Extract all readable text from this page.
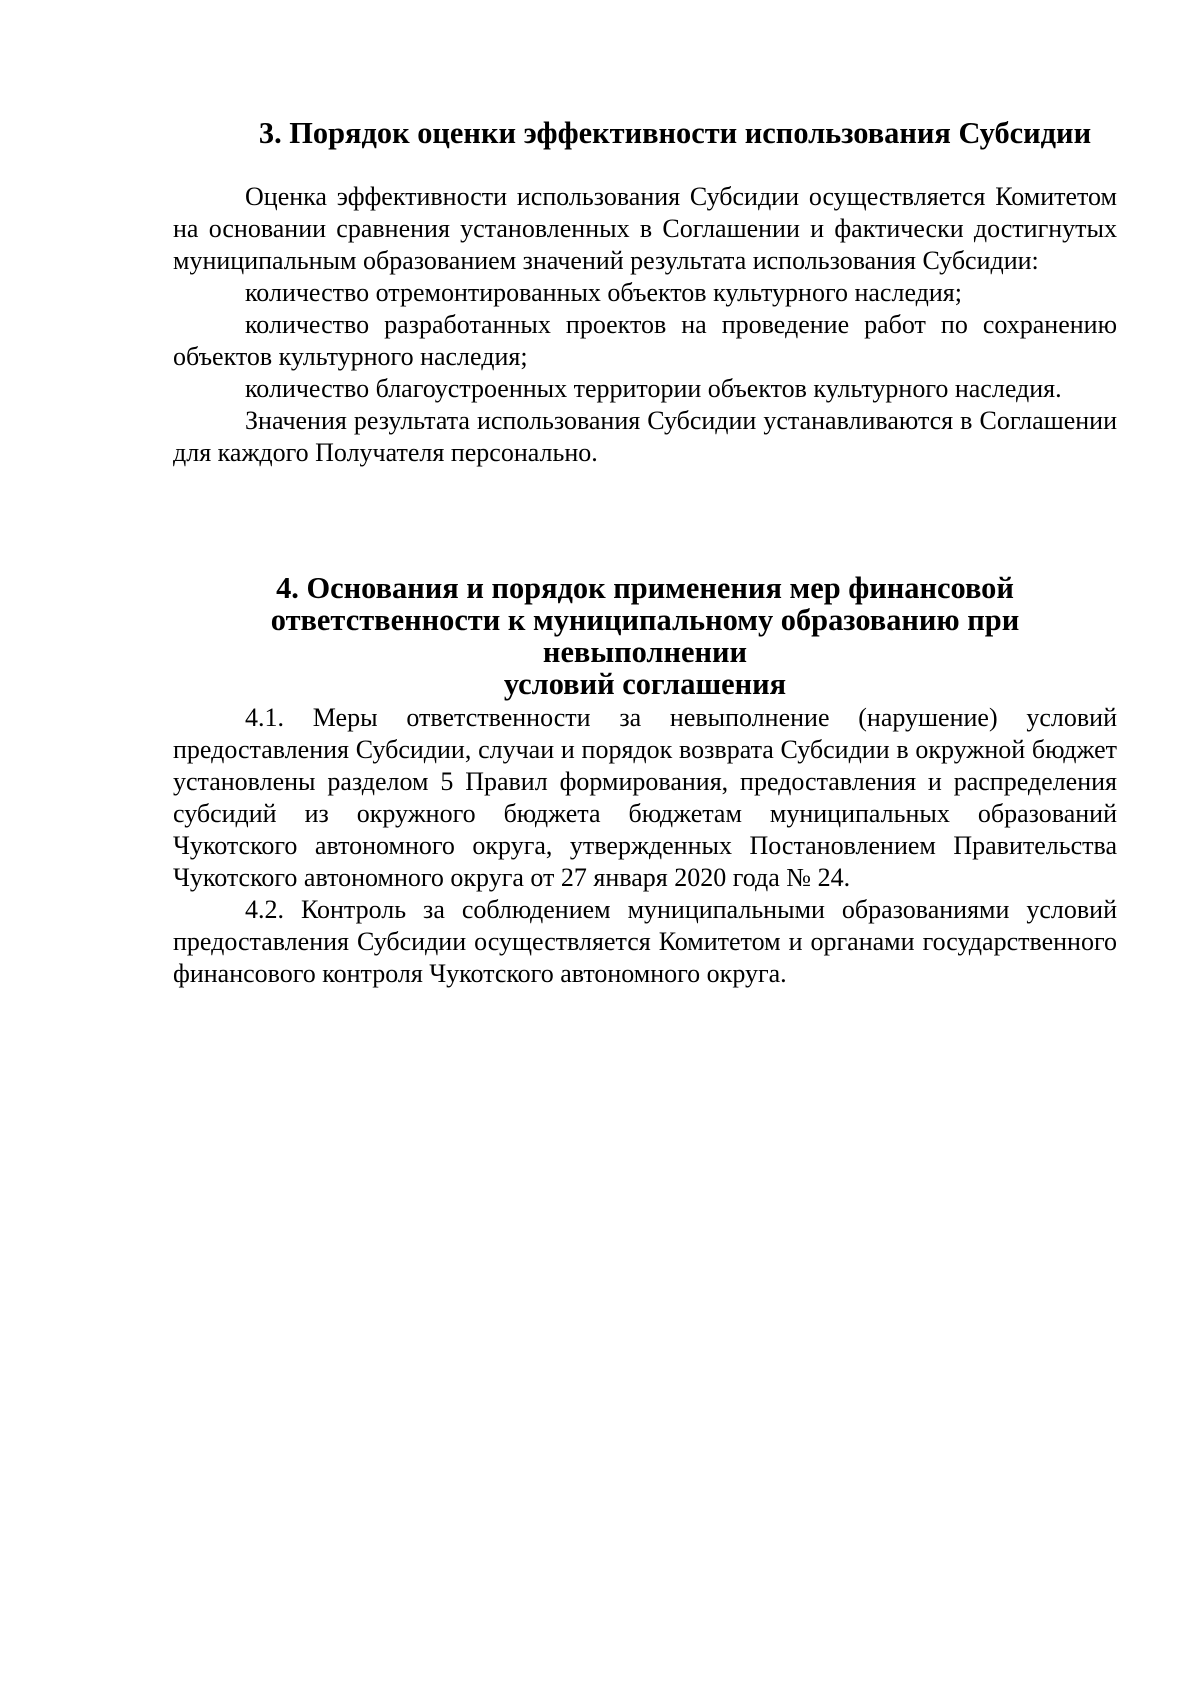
3. Порядок оценки эффективности использования Субсидии

Оценка эффективности использования Субсидии осуществляется Комитетом на основании сравнения установленных в Соглашении и фактически достигнутых муниципальным образованием значений результата использования Субсидии:

количество отремонтированных объектов культурного наследия;

количество разработанных проектов на проведение работ по сохранению объектов культурного наследия;

количество благоустроенных территории объектов культурного наследия.

Значения результата использования Субсидии устанавливаются в Соглашении для каждого Получателя персонально.

4. Основания и порядок применения мер финансовой
ответственности к муниципальному образованию при невыполнении
условий соглашения

4.1. Меры ответственности за невыполнение (нарушение) условий предоставления Субсидии, случаи и порядок возврата Субсидии в окружной бюджет установлены разделом 5 Правил формирования, предоставления и распределения субсидий из окружного бюджета бюджетам муниципальных образований Чукотского автономного округа, утвержденных Постановлением Правительства Чукотского автономного округа от 27 января 2020 года № 24.

4.2. Контроль за соблюдением муниципальными образованиями условий предоставления Субсидии осуществляется Комитетом и органами государственного финансового контроля Чукотского автономного округа.
